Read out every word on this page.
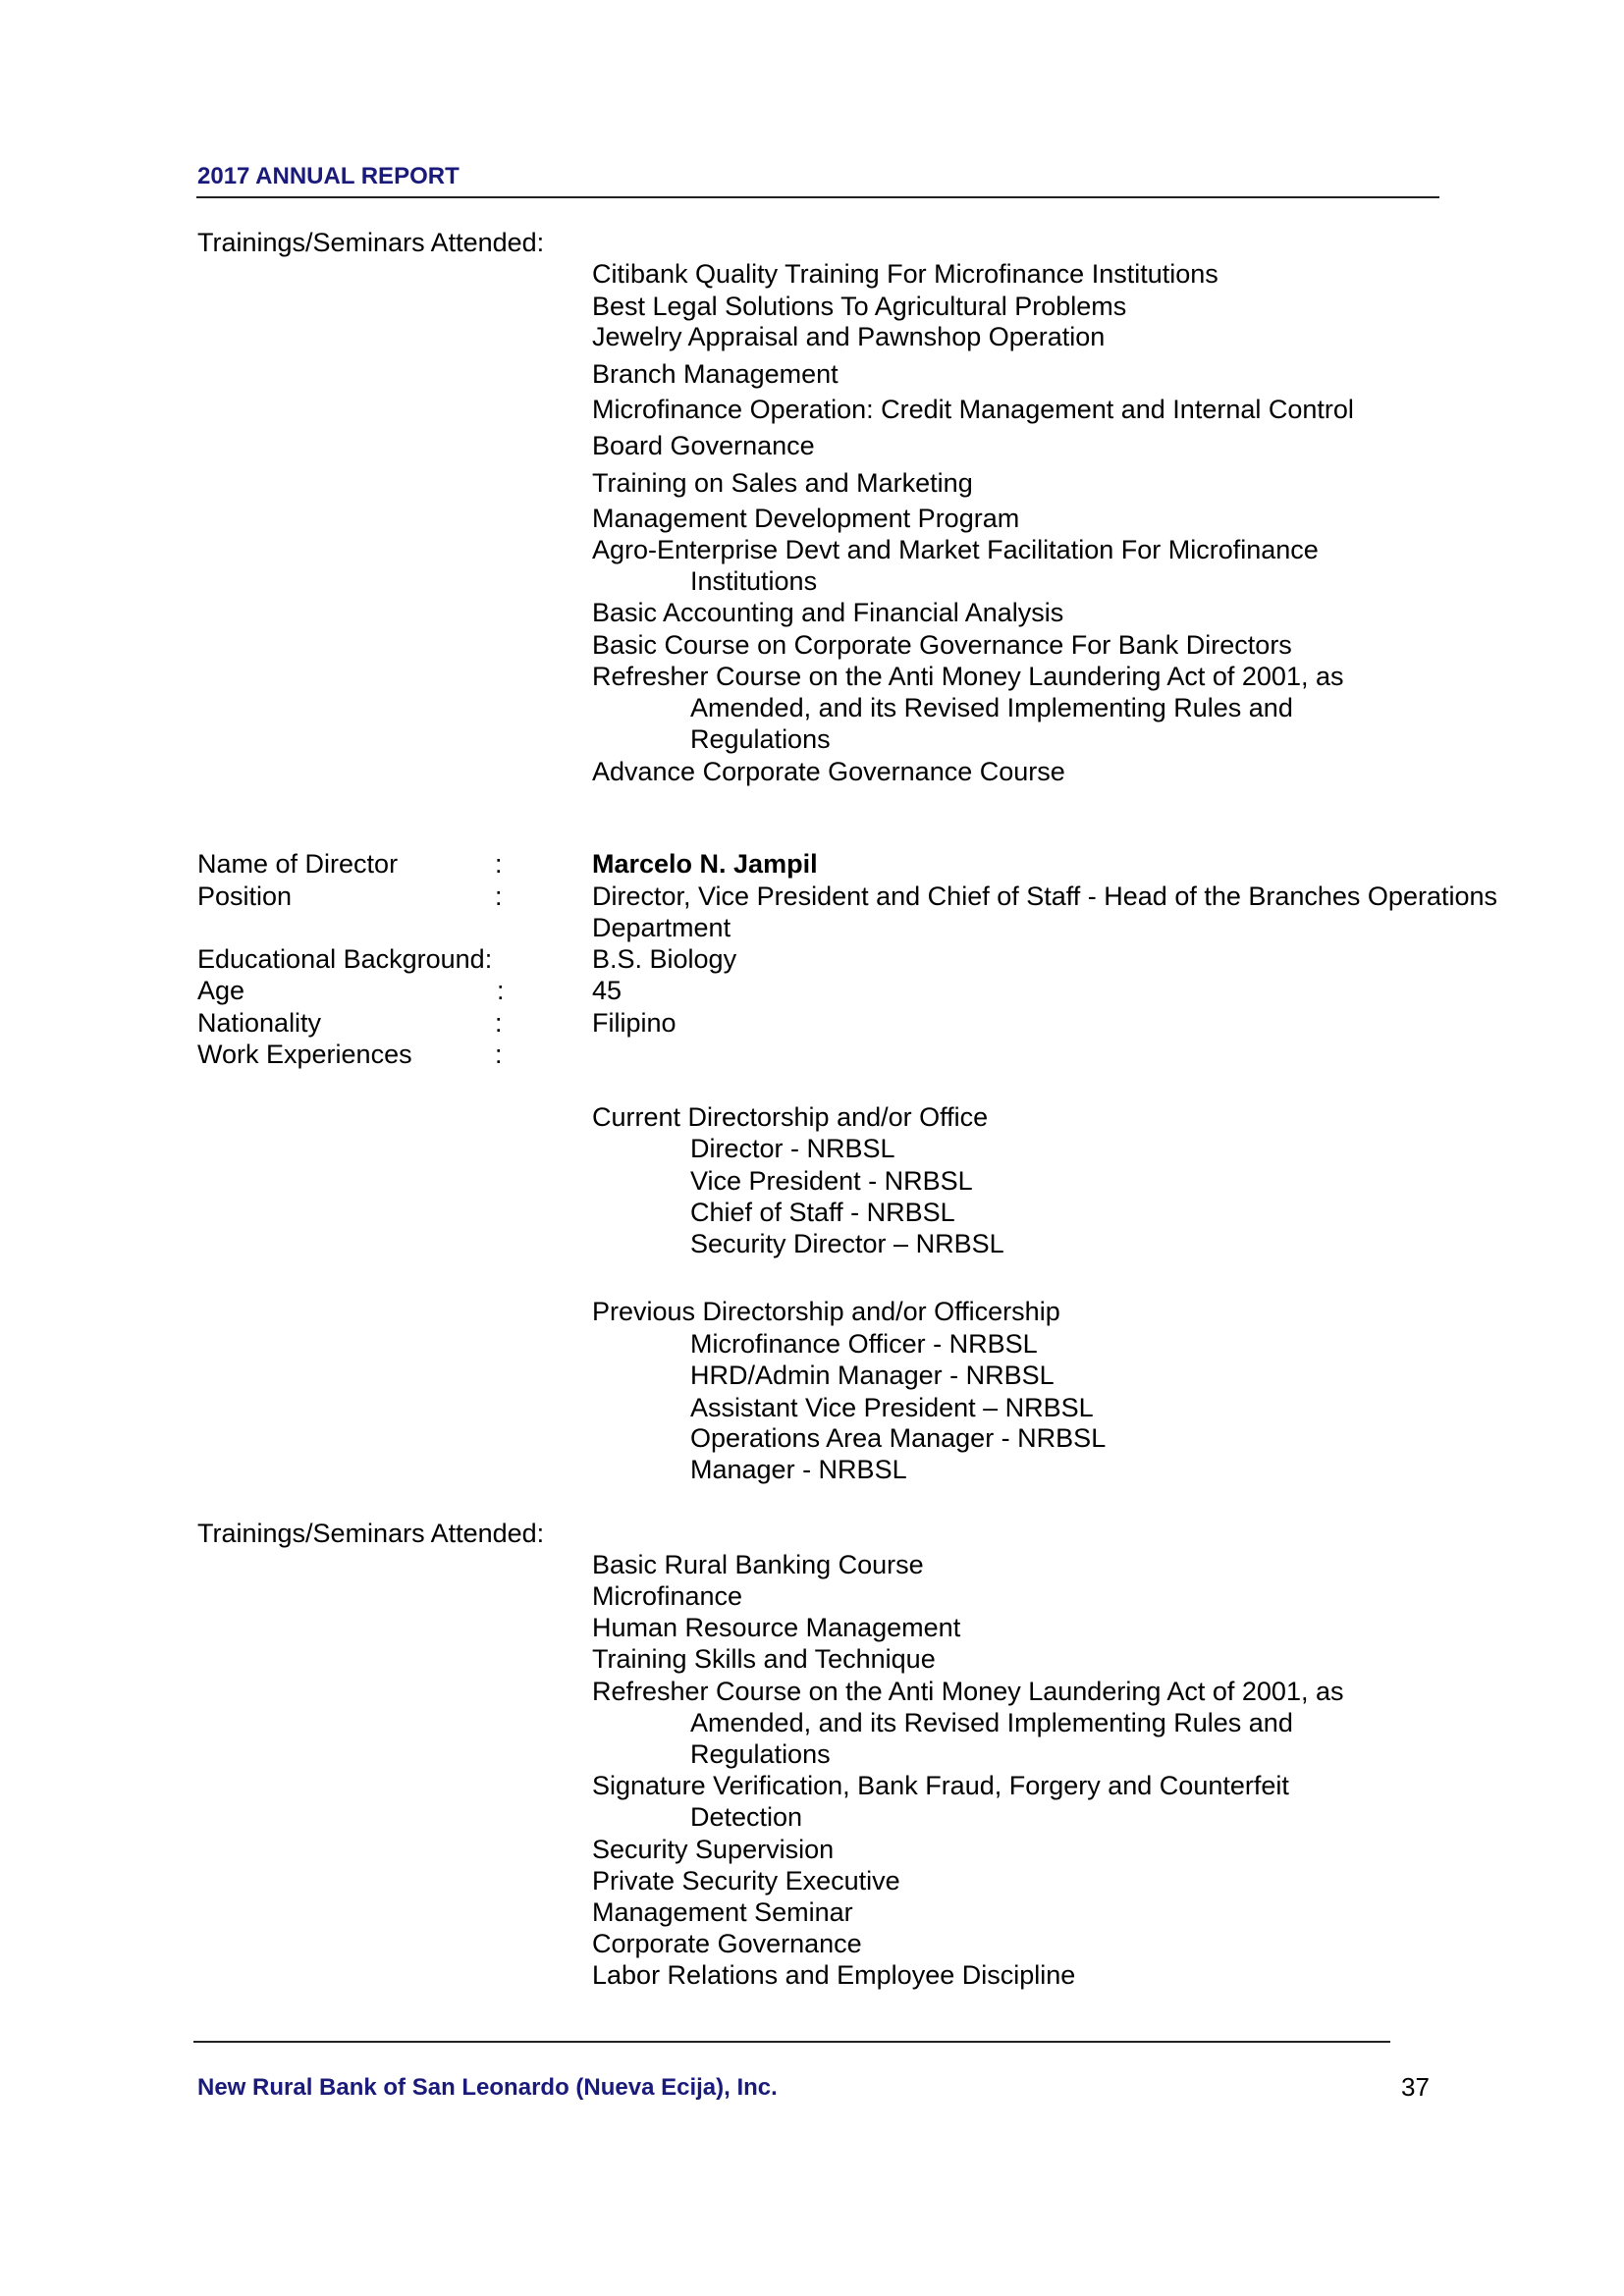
2017 ANNUAL REPORT
Trainings/Seminars Attended:
Citibank Quality Training For Microfinance Institutions
Best Legal Solutions To Agricultural Problems
Jewelry Appraisal and Pawnshop Operation
Branch Management
Microfinance Operation: Credit Management and Internal Control
Board Governance
Training on Sales and Marketing
Management Development Program
Agro-Enterprise Devt and Market Facilitation For Microfinance
Institutions
Basic Accounting and Financial Analysis
Basic Course on Corporate Governance For Bank Directors
Refresher Course on the Anti Money Laundering Act of 2001, as
Amended, and its Revised Implementing Rules and
Regulations
Advance Corporate Governance Course
Name of Director	:	Marcelo N. Jampil
Position	:	Director, Vice President and Chief of Staff - Head of the Branches Operations
Department
Educational Background:	B.S. Biology
Age	:	45
Nationality	:	Filipino
Work Experiences	:
Current Directorship and/or Office
Director - NRBSL
Vice President - NRBSL
Chief of Staff - NRBSL
Security Director – NRBSL
Previous Directorship and/or Officership
Microfinance Officer - NRBSL
HRD/Admin Manager - NRBSL
Assistant Vice President – NRBSL
Operations Area Manager - NRBSL
Manager - NRBSL
Trainings/Seminars Attended:
Basic Rural Banking Course
Microfinance
Human Resource Management
Training Skills and Technique
Refresher Course on the Anti Money Laundering Act of 2001, as
Amended, and its Revised Implementing Rules and
Regulations
Signature Verification, Bank Fraud, Forgery and Counterfeit
Detection
Security Supervision
Private Security Executive
Management Seminar
Corporate Governance
Labor Relations and Employee Discipline
New Rural Bank of San Leonardo (Nueva Ecija), Inc.	37
